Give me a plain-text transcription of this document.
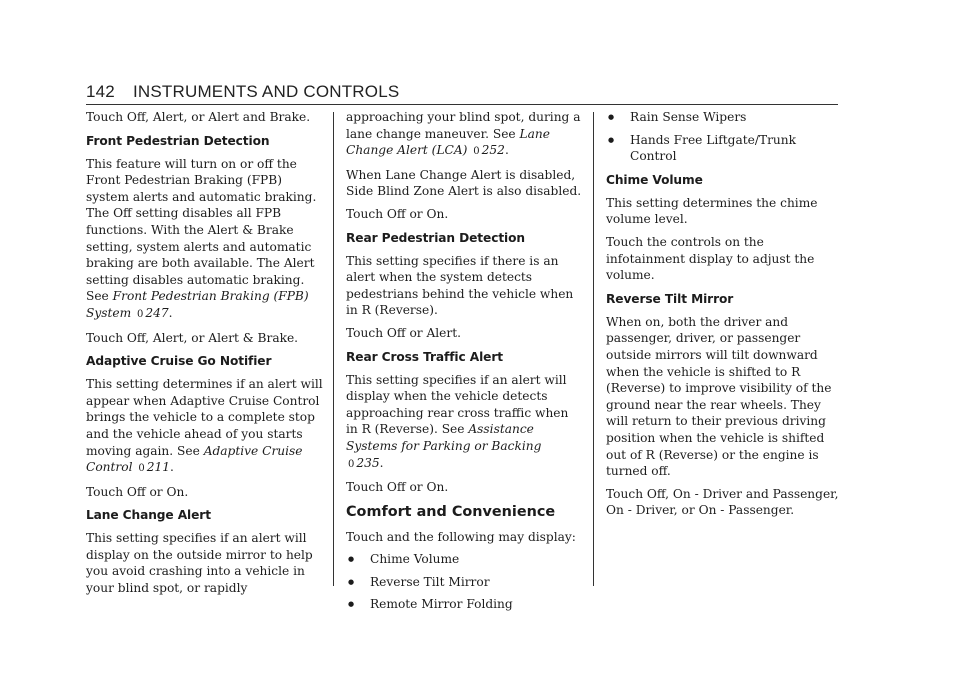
142 INSTRUMENTS AND CONTROLS

Touch Off, Alert, or Alert and Brake.

Front Pedestrian Detection

This feature will turn on or off the Front Pedestrian Braking (FPB) system alerts and automatic braking. The Off setting disables all FPB functions. With the Alert & Brake setting, system alerts and automatic braking are both available. The Alert setting disables automatic braking. See Front Pedestrian Braking (FPB) System 0 247.

Touch Off, Alert, or Alert & Brake.

Adaptive Cruise Go Notifier

This setting determines if an alert will appear when Adaptive Cruise Control brings the vehicle to a complete stop and the vehicle ahead of you starts moving again. See Adaptive Cruise Control 0 211.

Touch Off or On.

Lane Change Alert

This setting specifies if an alert will display on the outside mirror to help you avoid crashing into a vehicle in your blind spot, or rapidly

approaching your blind spot, during a lane change maneuver. See Lane Change Alert (LCA) 0 252.

When Lane Change Alert is disabled, Side Blind Zone Alert is also disabled.

Touch Off or On.

Rear Pedestrian Detection

This setting specifies if there is an alert when the system detects pedestrians behind the vehicle when in R (Reverse).

Touch Off or Alert.

Rear Cross Traffic Alert

This setting specifies if an alert will display when the vehicle detects approaching rear cross traffic when in R (Reverse). See Assistance Systems for Parking or Backing 0 235.

Touch Off or On.

Comfort and Convenience

Touch and the following may display:

● Chime Volume
● Reverse Tilt Mirror
● Remote Mirror Folding
● Rain Sense Wipers
● Hands Free Liftgate/Trunk Control
Chime Volume

This setting determines the chime volume level.

Touch the controls on the infotainment display to adjust the volume.

Reverse Tilt Mirror

When on, both the driver and passenger, driver, or passenger outside mirrors will tilt downward when the vehicle is shifted to R (Reverse) to improve visibility of the ground near the rear wheels. They will return to their previous driving position when the vehicle is shifted out of R (Reverse) or the engine is turned off.

Touch Off, On - Driver and Passenger, On - Driver, or On - Passenger.
